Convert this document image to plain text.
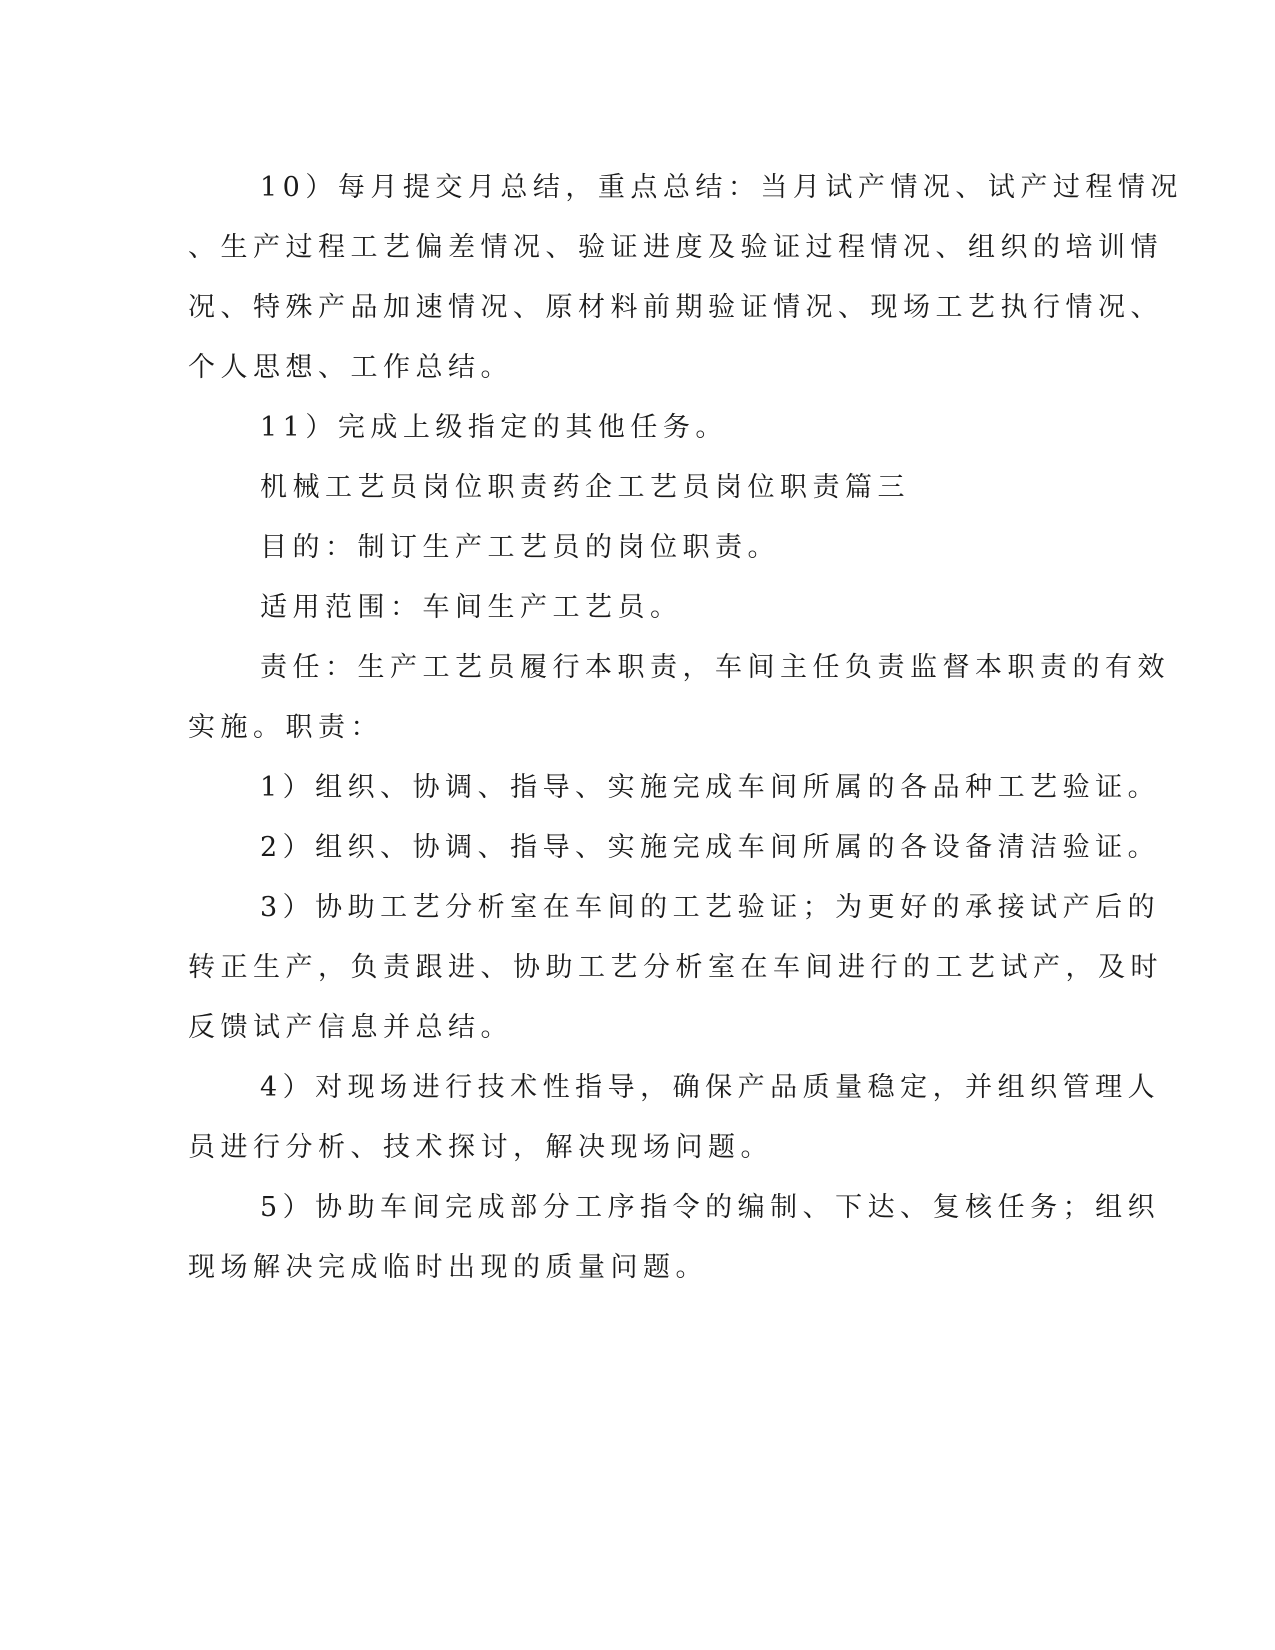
10）每月提交月总结，重点总结：当月试产情况、试产过程情况
、生产过程工艺偏差情况、验证进度及验证过程情况、组织的培训情
况、特殊产品加速情况、原材料前期验证情况、现场工艺执行情况、
个人思想、工作总结。
11）完成上级指定的其他任务。
机械工艺员岗位职责药企工艺员岗位职责篇三
目的：制订生产工艺员的岗位职责。
适用范围：车间生产工艺员。
责任：生产工艺员履行本职责，车间主任负责监督本职责的有效
实施。职责：
1）组织、协调、指导、实施完成车间所属的各品种工艺验证。
2）组织、协调、指导、实施完成车间所属的各设备清洁验证。
3）协助工艺分析室在车间的工艺验证；为更好的承接试产后的
转正生产，负责跟进、协助工艺分析室在车间进行的工艺试产，及时
反馈试产信息并总结。
4）对现场进行技术性指导，确保产品质量稳定，并组织管理人
员进行分析、技术探讨，解决现场问题。
5）协助车间完成部分工序指令的编制、下达、复核任务；组织
现场解决完成临时出现的质量问题。
